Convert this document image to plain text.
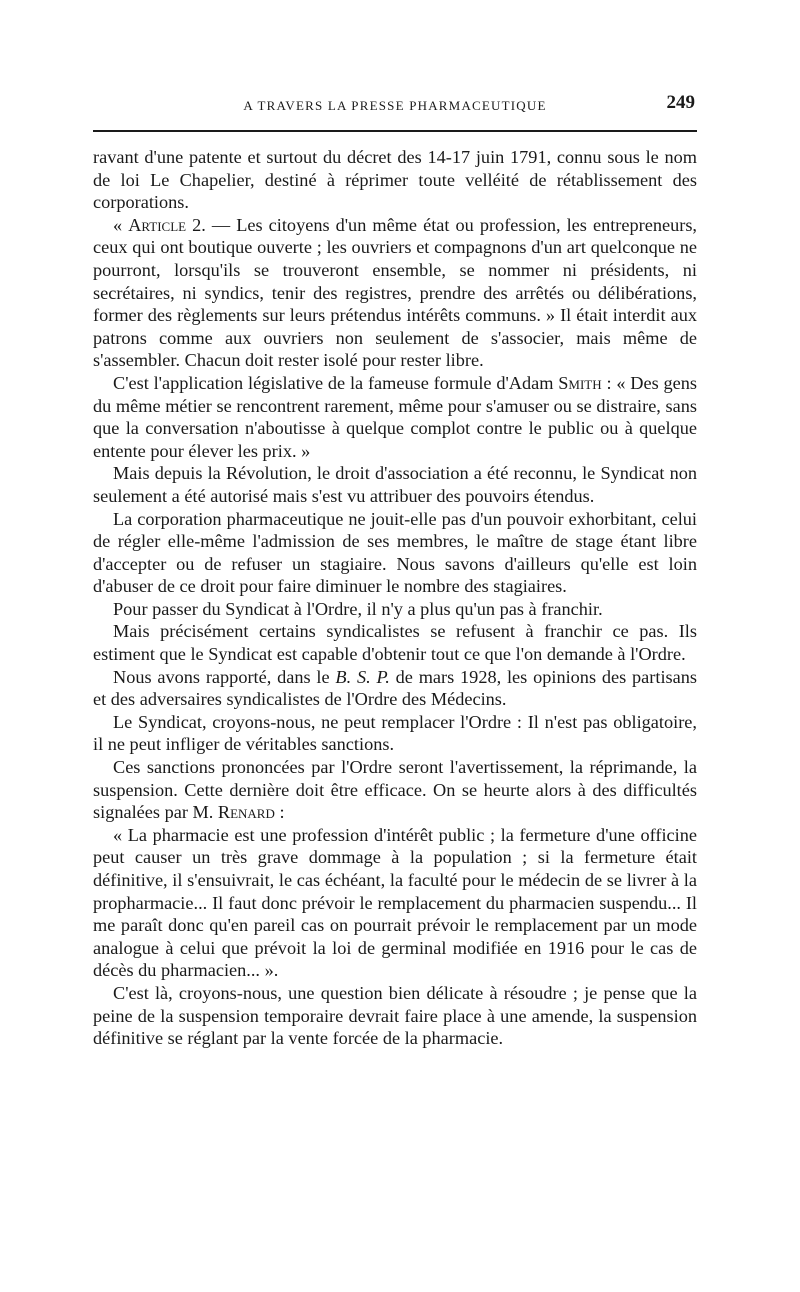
A TRAVERS LA PRESSE PHARMACEUTIQUE	249

ravant d'une patente et surtout du décret des 14-17 juin 1791, connu sous le nom de loi Le Chapelier, destiné à réprimer toute velléité de rétablissement des corporations.

« Article 2. — Les citoyens d'un même état ou profession, les entrepreneurs, ceux qui ont boutique ouverte ; les ouvriers et compagnons d'un art quelconque ne pourront, lorsqu'ils se trouveront ensemble, se nommer ni présidents, ni secrétaires, ni syndics, tenir des registres, prendre des arrêtés ou délibérations, former des règlements sur leurs prétendus intérêts communs. » Il était interdit aux patrons comme aux ouvriers non seulement de s'associer, mais même de s'assembler. Chacun doit rester isolé pour rester libre.

C'est l'application législative de la fameuse formule d'Adam Smith : « Des gens du même métier se rencontrent rarement, même pour s'amuser ou se distraire, sans que la conversation n'aboutisse à quelque complot contre le public ou à quelque entente pour élever les prix. »

Mais depuis la Révolution, le droit d'association a été reconnu, le Syndicat non seulement a été autorisé mais s'est vu attribuer des pouvoirs étendus.

La corporation pharmaceutique ne jouit-elle pas d'un pouvoir exhorbitant, celui de régler elle-même l'admission de ses membres, le maître de stage étant libre d'accepter ou de refuser un stagiaire. Nous savons d'ailleurs qu'elle est loin d'abuser de ce droit pour faire diminuer le nombre des stagiaires.

Pour passer du Syndicat à l'Ordre, il n'y a plus qu'un pas à franchir.

Mais précisément certains syndicalistes se refusent à franchir ce pas. Ils estiment que le Syndicat est capable d'obtenir tout ce que l'on demande à l'Ordre.

Nous avons rapporté, dans le B. S. P. de mars 1928, les opinions des partisans et des adversaires syndicalistes de l'Ordre des Médecins.

Le Syndicat, croyons-nous, ne peut remplacer l'Ordre : Il n'est pas obligatoire, il ne peut infliger de véritables sanctions.

Ces sanctions prononcées par l'Ordre seront l'avertissement, la réprimande, la suspension. Cette dernière doit être efficace. On se heurte alors à des difficultés signalées par M. Renard :

« La pharmacie est une profession d'intérêt public ; la fermeture d'une officine peut causer un très grave dommage à la population ; si la fermeture était définitive, il s'ensuivrait, le cas échéant, la faculté pour le médecin de se livrer à la propharmacie... Il faut donc prévoir le remplacement du pharmacien suspendu... Il me paraît donc qu'en pareil cas on pourrait prévoir le remplacement par un mode analogue à celui que prévoit la loi de germinal modifiée en 1916 pour le cas de décès du pharmacien... ».

C'est là, croyons-nous, une question bien délicate à résoudre ; je pense que la peine de la suspension temporaire devrait faire place à une amende, la suspension définitive se réglant par la vente forcée de la pharmacie.
